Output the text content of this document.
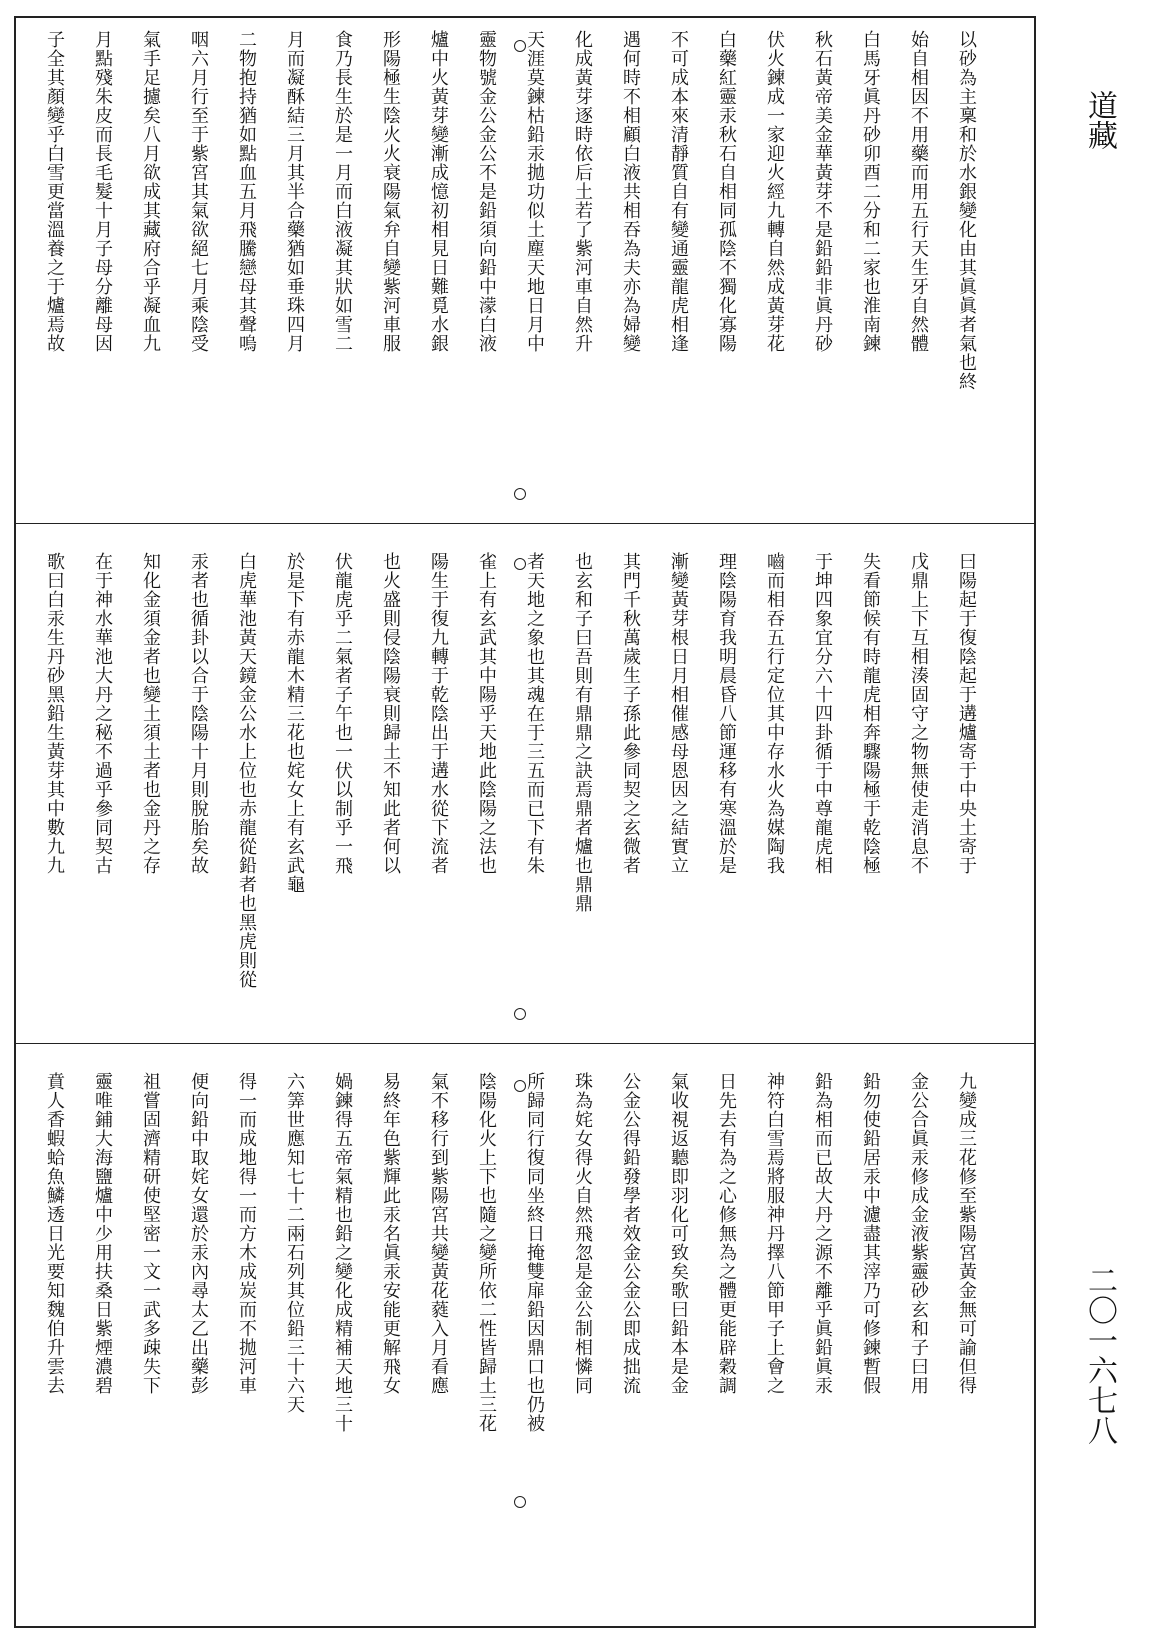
以砂為主稟和於水銀變化由其眞眞者氣也終
始自相因不用藥而用五行天生牙自然體
白馬牙眞丹砂卯酉二分和二家也淮南鍊
秋石黃帝美金華黃芽不是鉛鉛非眞丹砂
伏火鍊成一家迎火經九轉自然成黃芽花
白藥紅靈汞秋石自相同孤陰不獨化寡陽
不可成本來清靜質自有變通靈龍虎相逢
遇何時不相顧白液共相吞為夫亦為婦變
化成黃芽逐時依后土若了紫河車自然升
天涯莫鍊枯鉛汞拋功似土塵天地日月中
靈物號金公金公不是鉛須向鉛中濛白液
爐中火黃芽變漸成憶初相見日難覓水銀
形陽極生陰火火衰陽氣弁自變紫河車服
食乃長生於是一月而白液凝其狀如雪二
月而凝酥結三月其半合藥猶如垂珠四月
二物抱持猶如點血五月飛騰戀母其聲嗚
咽六月行至于紫宮其氣欲絕七月乘陰受
氣手足攄矣八月欲成其藏府合乎凝血九
月點殘朱皮而長毛髮十月子母分離母因
子全其顏變乎白雪更當溫養之于爐焉故
曰陽起于復陰起于遘爐寄于中央土寄于
戊鼎上下互相湊固守之物無使走消息不
失看節候有時龍虎相奔驟陽極于乾陰極
于坤四象宜分六十四卦循于中尊龍虎相
嚙而相吞五行定位其中存水火為媒陶我
理陰陽育我明晨昏八節運移有寒溫於是
漸變黃芽根日月相催感母恩因之結實立
其門千秋萬歲生子孫此參同契之玄微者
也玄和子曰吾則有鼎鼎之訣焉鼎者爐也鼎鼎
者天地之象也其魂在于三五而已下有朱
雀上有玄武其中陽乎天地此陰陽之法也
陽生于復九轉于乾陰出于遘水從下流者
也火盛則侵陰陽衰則歸土不知此者何以
伏龍虎乎二氣者子午也一伏以制乎一飛
於是下有赤龍木精三花也姹女上有玄武龜
白虎華池黃天鏡金公水上位也赤龍從鉛者也黑虎則從
汞者也循卦以合于陰陽十月則脫胎矣故
知化金須金者也變土須土者也金丹之存
在于神水華池大丹之秘不過乎參同契古
歌曰白汞生丹砂黑鉛生黃芽其中數九九
九變成三花修至紫陽宮黃金無可諭但得
金公合眞汞修成金液紫靈砂玄和子曰用
鉛勿使鉛居汞中濾盡其滓乃可修鍊暫假
鉛為相而已故大丹之源不離乎眞鉛眞汞
神符白雪焉將服神丹擇八節甲子上會之
日先去有為之心修無為之體更能辟穀調
氣收視返聽即羽化可致矣歌曰鉛本是金
公金公得鉛發學者效金公金公即成拙流
珠為姹女得火自然飛忽是金公制相憐同
所歸同行復同坐終日掩雙扉鉛因鼎口也仍被
陰陽化火上下也隨之變所依二性皆歸土三花
氣不移行到紫陽宮共變黃花蕤入月看應
易終年色紫輝此汞名眞汞安能更解飛女
媧鍊得五帝氣精也鉛之變化成精補天地三十
六筭世應知七十二兩石列其位鉛三十六天
得一而成地得一而方木成炭而不拋河車
便向鉛中取姹女還於汞內尋太乙出藥彭
祖嘗固濟精研使堅密一文一武多疎失下
靈唯鋪大海鹽爐中少用扶桑日紫煙濃碧
賁人香蝦蛤魚鱗透日光要知魏伯升雲去
道藏
二〇一六七八
